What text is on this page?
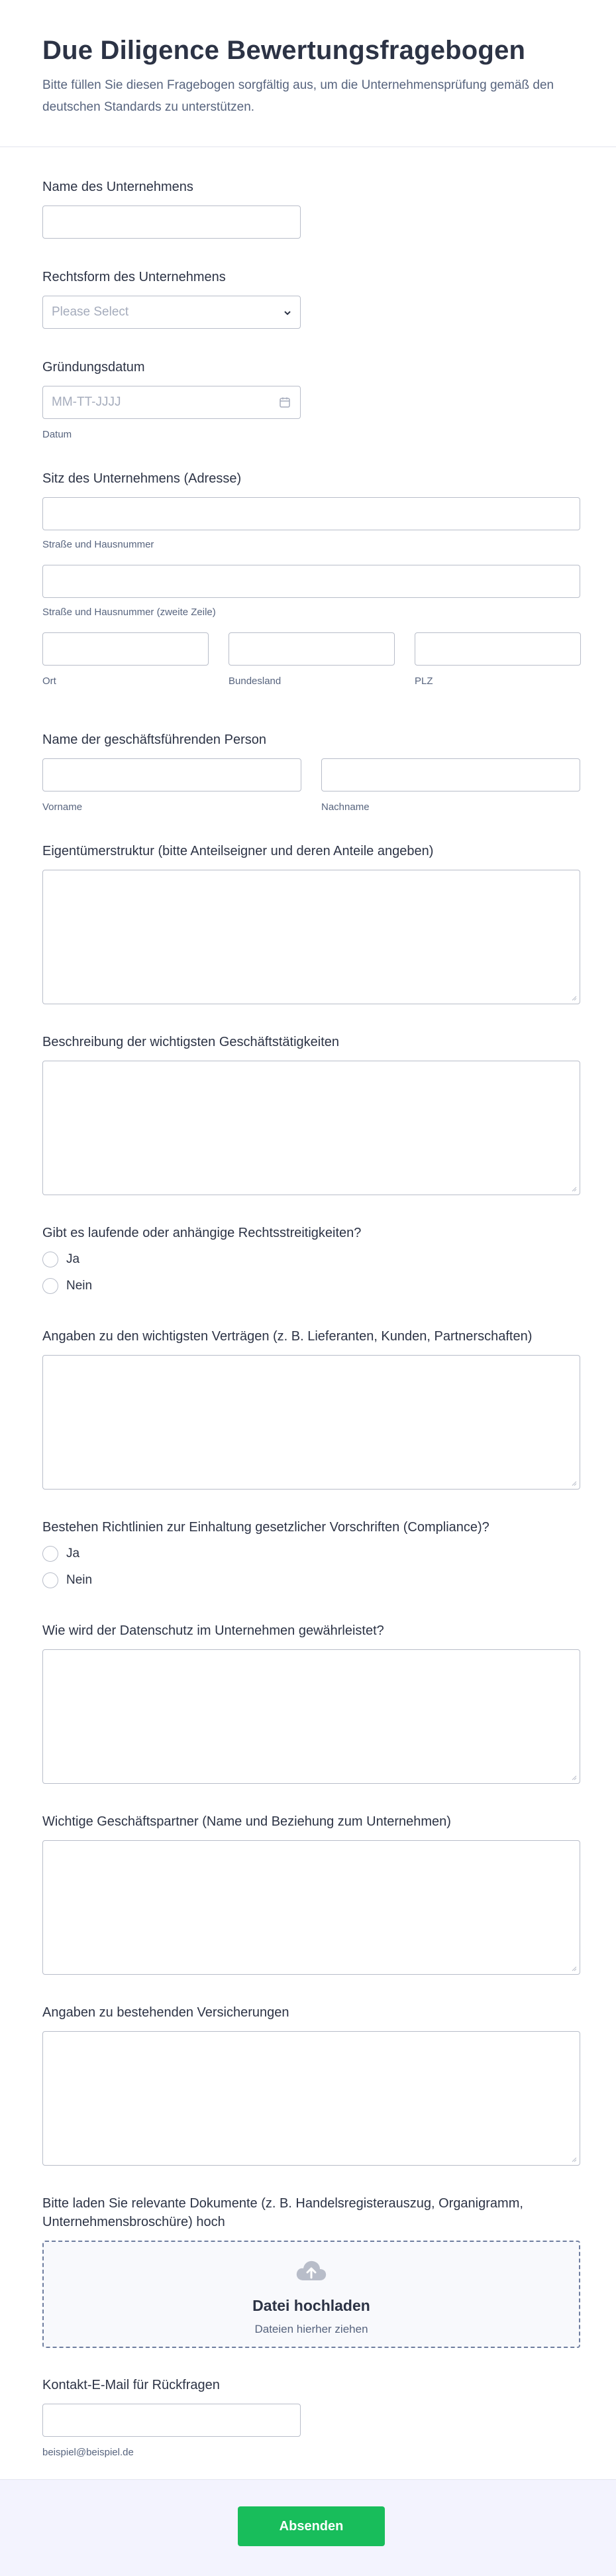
Due Diligence Bewertungsfragebogen

Bitte füllen Sie diesen Fragebogen sorgfältig aus, um die Unternehmensprüfung gemäß den deutschen Standards zu unterstützen.

Name des Unternehmens
Rechtsform des Unternehmens
Please Select
Gründungsdatum
MM-TT-JJJJ
Datum
Sitz des Unternehmens (Adresse)
Straße und Hausnummer
Straße und Hausnummer (zweite Zeile)
Ort	Bundesland	PLZ
Name der geschäftsführenden Person
Vorname	Nachname
Eigentümerstruktur (bitte Anteilseigner und deren Anteile angeben)
Beschreibung der wichtigsten Geschäftstätigkeiten
Gibt es laufende oder anhängige Rechtsstreitigkeiten?
Ja
Nein
Angaben zu den wichtigsten Verträgen (z. B. Lieferanten, Kunden, Partnerschaften)
Bestehen Richtlinien zur Einhaltung gesetzlicher Vorschriften (Compliance)?
Ja
Nein
Wie wird der Datenschutz im Unternehmen gewährleistet?
Wichtige Geschäftspartner (Name und Beziehung zum Unternehmen)
Angaben zu bestehenden Versicherungen
Bitte laden Sie relevante Dokumente (z. B. Handelsregisterauszug, Organigramm, Unternehmensbroschüre) hoch
Datei hochladen
Dateien hierher ziehen
Kontakt-E-Mail für Rückfragen
beispiel@beispiel.de
Absenden
